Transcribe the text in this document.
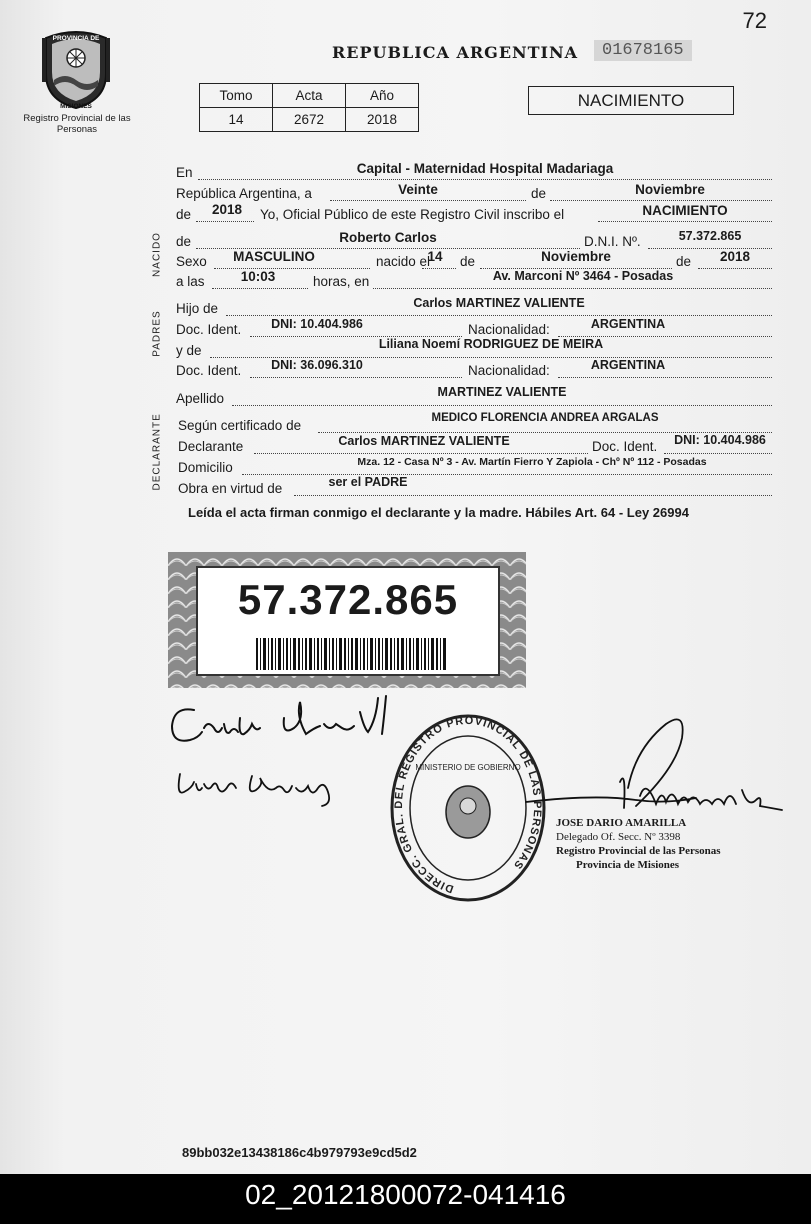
72
PROVINCIA DE
MISIONES
Registro Provincial de las Personas
REPUBLICA ARGENTINA	01678165
Tomo	Acta	Año
14	2672	2018
NACIMIENTO
NACIDO
PADRES
DECLARANTE
En	Capital - Maternidad Hospital Madariaga
República Argentina, a	Veinte	de	Noviembre
de	2018	Yo, Oficial Público de este Registro Civil inscribo el	NACIMIENTO
de	Roberto Carlos	D.N.I. Nº.	57.372.865
Sexo	MASCULINO	nacido el
14	de	Noviembre	de	2018
a las	10:03	horas, en	Av. Marconi Nº 3464 - Posadas
Hijo de	Carlos MARTINEZ VALIENTE
Doc. Ident.	DNI: 10.404.986	Nacionalidad:	ARGENTINA
y de	Liliana Noemí RODRIGUEZ DE MEIRA
Doc. Ident.	DNI: 36.096.310	Nacionalidad:	ARGENTINA
Apellido	MARTINEZ VALIENTE
Según certificado de	MEDICO FLORENCIA ANDREA ARGALAS
Declarante	Carlos MARTINEZ VALIENTE	Doc. Ident.	DNI: 10.404.986
Domicilio	Mza. 12 - Casa Nº 3 - Av. Martín Fierro Y Zapiola - Chº Nº 112 - Posadas
Obra en virtud de	ser el PADRE
Leída el acta firman conmigo el declarante y la madre. Hábiles Art. 64 - Ley 26994
57.372.865
DIRECC. GRAL. DEL REGISTRO PROVINCIAL DE LAS PERSONAS
MINISTERIO DE GOBIERNO
JOSE DARIO AMARILLA
Delegado Of. Secc. Nº 3398
Registro Provincial de las Personas
Provincia de Misiones
89bb032e13438186c4b979793e9cd5d2
02_20121800072-041416
